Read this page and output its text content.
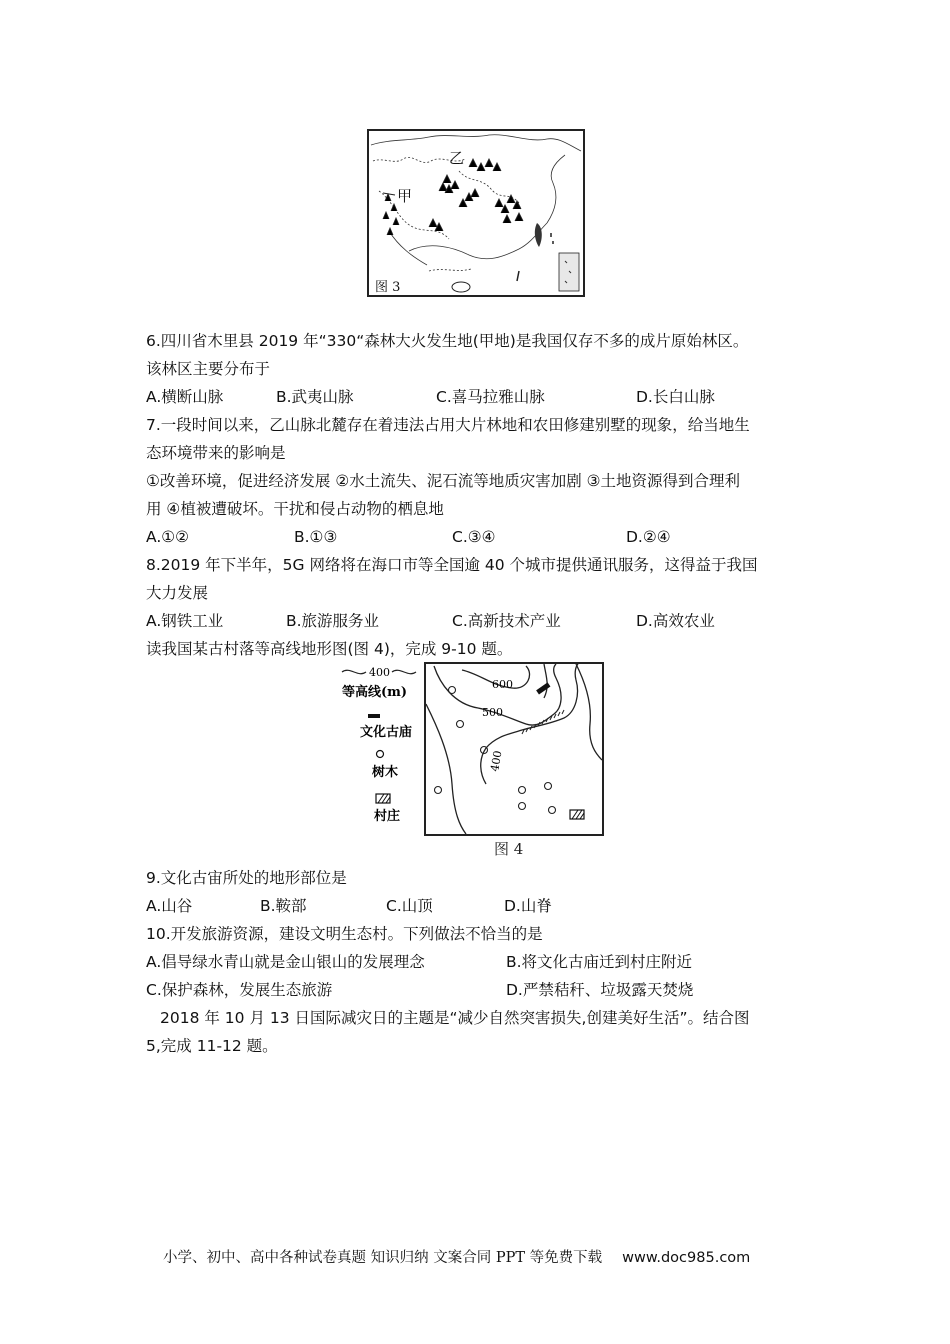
乙
甲
图 3
6.四川省木里县 2019 年“330“森林大火发生地(甲地)是我国仅存不多的成片原始林区。
该林区主要分布于
A.横断山脉	B.武夷山脉	C.喜马拉雅山脉	D.长白山脉
7.一段时间以来，乙山脉北麓存在着违法占用大片林地和农田修建别墅的现象，给当地生
态环境带来的影响是
①改善环境，促进经济发展 ②水土流失、泥石流等地质灾害加剧 ③土地资源得到合理利
用 ④植被遭破坏。干扰和侵占动物的栖息地
A.①②	B.①③	C.③④	D.②④
8.2019 年下半年，5G 网络将在海口市等全国逾 40 个城市提供通讯服务，这得益于我国
大力发展
A.钢铁工业	B.旅游服务业	C.高新技术产业	D.高效农业
读我国某古村落等高线地形图(图 4)，完成 9-10 题。
400
等高线(m)
文化古庙
树木
村庄
600
500
400
图 4
9.文化古宙所处的地形部位是
A.山谷	B.鞍部	C.山顶	D.山脊
10.开发旅游资源，建设文明生态村。下列做法不恰当的是
A.倡导绿水青山就是金山银山的发展理念	B.将文化古庙迁到村庄附近
C.保护森林，发展生态旅游	D.严禁秸秆、垃圾露天焚烧
2018 年 10 月 13 日国际减灾日的主题是“减少自然突害损失,创建美好生活”。结合图
5,完成 11-12 题。
小学、初中、高中各种试卷真题 知识归纳 文案合同 PPT 等免费下载 www.doc985.com
